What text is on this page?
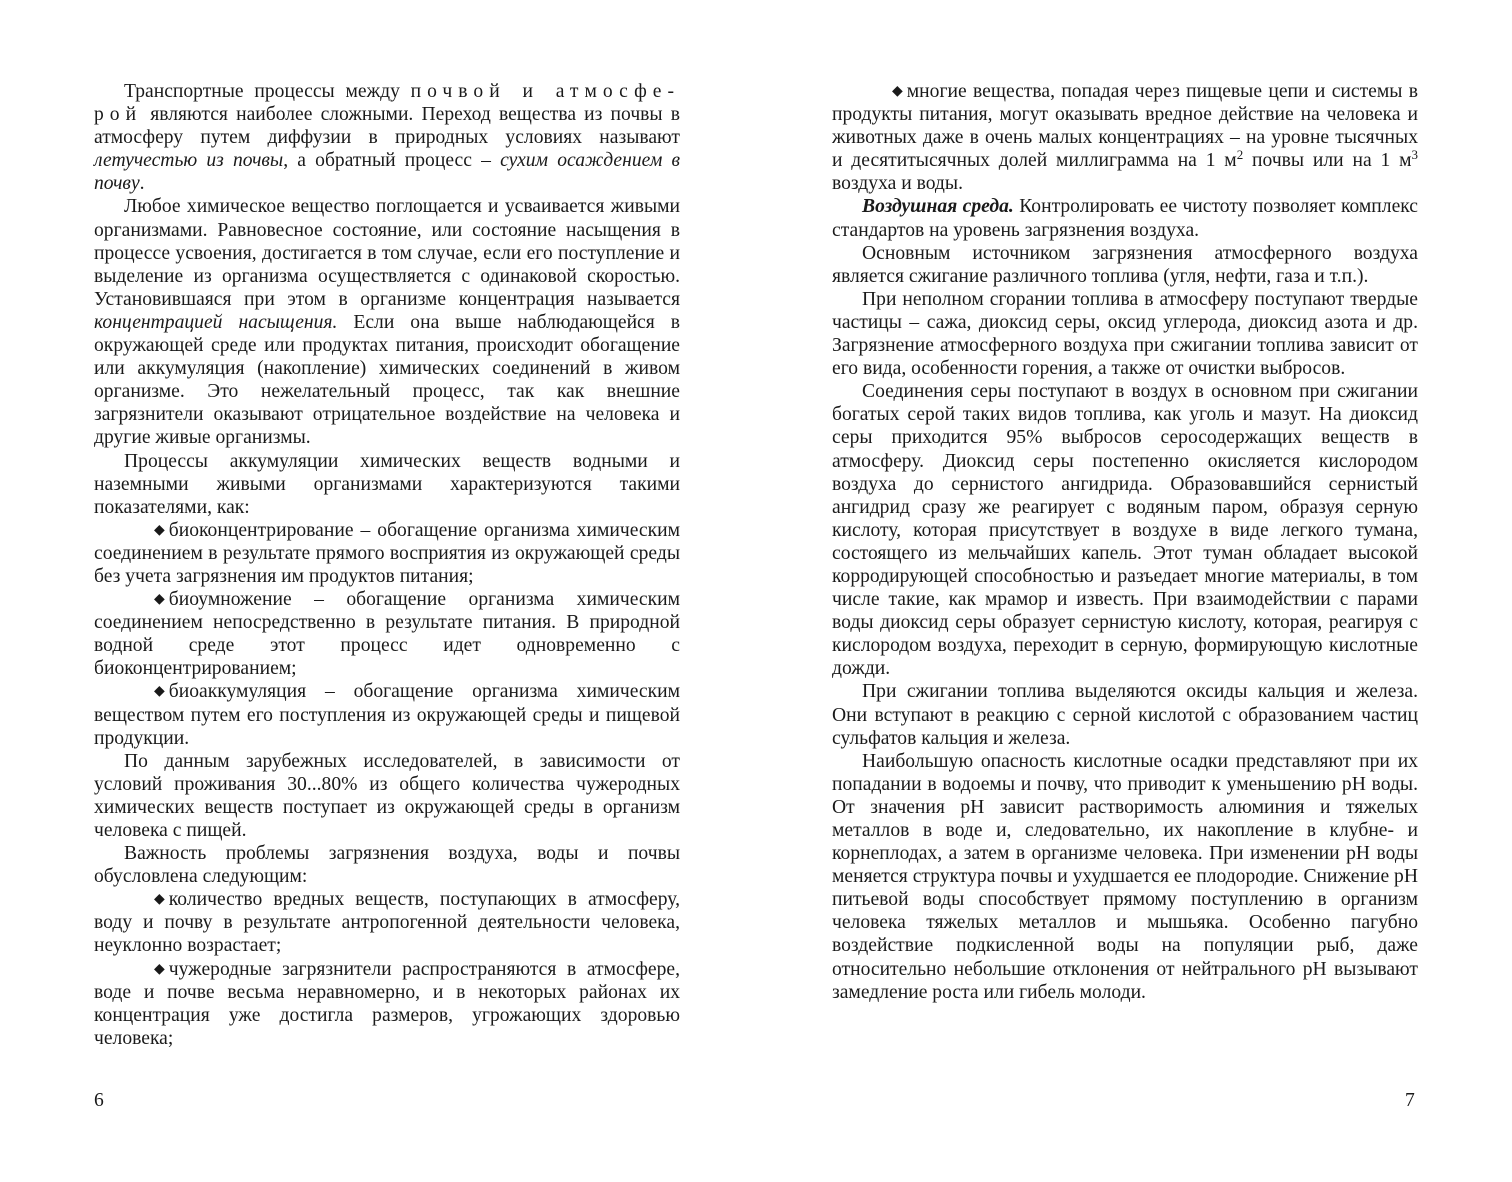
Транспортные процессы между почвой и атмосфе-рой являются наиболее сложными. Переход вещества из почвы в атмосферу путем диффузии в природных условиях называют летучестью из почвы, а обратный процесс – сухим осаждением в почву.

Любое химическое вещество поглощается и усваивается живыми организмами. Равновесное состояние, или состояние насыщения в процессе усвоения, достигается в том случае, если его поступление и выделение из организма осуществляется с одинаковой скоростью. Установившаяся при этом в организме концентрация называется концентрацией насыщения. Если она выше наблюдающейся в окружающей среде или продуктах питания, происходит обогащение или аккумуляция (накопление) химических соединений в живом организме. Это нежелательный процесс, так как внешние загрязнители оказывают отрицательное воздействие на человека и другие живые организмы.

Процессы аккумуляции химических веществ водными и наземными живыми организмами характеризуются такими показателями, как:

◆ биоконцентрирование – обогащение организма химическим соединением в результате прямого восприятия из окружающей среды без учета загрязнения им продуктов питания;

◆ биоумножение – обогащение организма химическим соединением непосредственно в результате питания. В природной водной среде этот процесс идет одновременно с биоконцентрированием;

◆ биоаккумуляция – обогащение организма химическим веществом путем его поступления из окружающей среды и пищевой продукции.

По данным зарубежных исследователей, в зависимости от условий проживания 30...80% из общего количества чужеродных химических веществ поступает из окружающей среды в организм человека с пищей.

Важность проблемы загрязнения воздуха, воды и почвы обусловлена следующим:

◆ количество вредных веществ, поступающих в атмосферу, воду и почву в результате антропогенной деятельности человека, неуклонно возрастает;

◆ чужеродные загрязнители распространяются в атмосфере, воде и почве весьма неравномерно, и в некоторых районах их концентрация уже достигла размеров, угрожающих здоровью человека;

6

◆ многие вещества, попадая через пищевые цепи и системы в продукты питания, могут оказывать вредное действие на человека и животных даже в очень малых концентрациях – на уровне тысячных и десятитысячных долей миллиграмма на 1 $м^2$ почвы или на 1 $м^3$ воздуха и воды.

Воздушная среда. Контролировать ее чистоту позволяет комплекс стандартов на уровень загрязнения воздуха.

Основным источником загрязнения атмосферного воздуха является сжигание различного топлива (угля, нефти, газа и т.п.).

При неполном сгорании топлива в атмосферу поступают твердые частицы – сажа, диоксид серы, оксид углерода, диоксид азота и др. Загрязнение атмосферного воздуха при сжигании топлива зависит от его вида, особенности горения, а также от очистки выбросов.

Соединения серы поступают в воздух в основном при сжигании богатых серой таких видов топлива, как уголь и мазут. На диоксид серы приходится 95% выбросов серосодержащих веществ в атмосферу. Диоксид серы постепенно окисляется кислородом воздуха до сернистого ангидрида. Образовавшийся сернистый ангидрид сразу же реагирует с водяным паром, образуя серную кислоту, которая присутствует в воздухе в виде легкого тумана, состоящего из мельчайших капель. Этот туман обладает высокой корродирующей способностью и разъедает многие материалы, в том числе такие, как мрамор и известь. При взаимодействии с парами воды диоксид серы образует сернистую кислоту, которая, реагируя с кислородом воздуха, переходит в серную, формирующую кислотные дожди.

При сжигании топлива выделяются оксиды кальция и железа. Они вступают в реакцию с серной кислотой с образованием частиц сульфатов кальция и железа.

Наибольшую опасность кислотные осадки представляют при их попадании в водоемы и почву, что приводит к уменьшению pH воды. От значения pH зависит растворимость алюминия и тяжелых металлов в воде и, следовательно, их накопление в клубне- и корнеплодах, а затем в организме человека. При изменении pH воды меняется структура почвы и ухудшается ее плодородие. Снижение pH питьевой воды способствует прямому поступлению в организм человека тяжелых металлов и мышьяка. Особенно пагубно воздействие подкисленной воды на популяции рыб, даже относительно небольшие отклонения от нейтрального pH вызывают замедление роста или гибель молоди.

7
